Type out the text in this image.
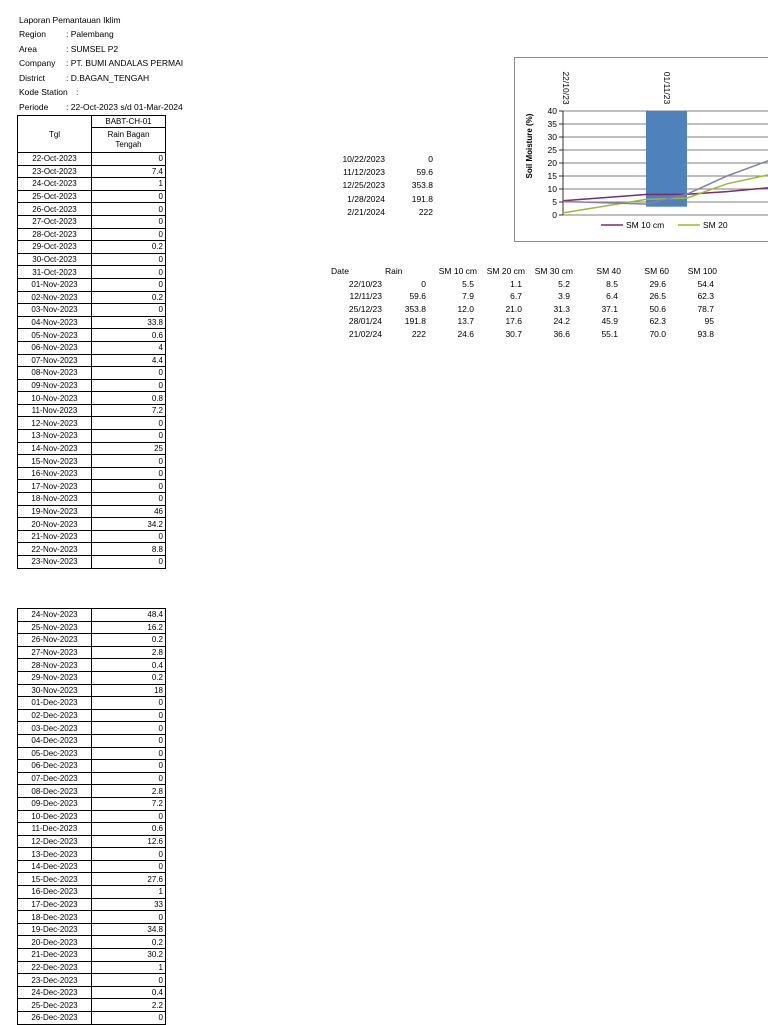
Laporan Pemantauan Iklim
Region : Palembang
Area	: SUMSEL P2
Company : PT. BUMI ANDALAS PERMAI
District : D.BAGAN_TENGAH
Kode Station :
Periode : 22-Oct-2023 s/d 01-Mar-2024
Tgl	BABT-CH-01
	Rain Bagan Tengah
22-Oct-2023	0
23-Oct-2023	7.4
24-Oct-2023	1
25-Oct-2023	0
26-Oct-2023	0
27-Oct-2023	0
28-Oct-2023	0
29-Oct-2023	0.2
30-Oct-2023	0
31-Oct-2023	0
01-Nov-2023	0
02-Nov-2023	0.2
03-Nov-2023	0
04-Nov-2023	33.8
05-Nov-2023	0.6
06-Nov-2023	4
07-Nov-2023	4.4
08-Nov-2023	0
09-Nov-2023	0
10-Nov-2023	0.8
11-Nov-2023	7.2
12-Nov-2023	0
13-Nov-2023	0
14-Nov-2023	25
15-Nov-2023	0
16-Nov-2023	0
17-Nov-2023	0
18-Nov-2023	0
19-Nov-2023	46
20-Nov-2023	34.2
21-Nov-2023	0
22-Nov-2023	8.8
23-Nov-2023	0
24-Nov-2023	48.4
25-Nov-2023	16.2
26-Nov-2023	0.2
27-Nov-2023	2.8
28-Nov-2023	0.4
29-Nov-2023	0.2
30-Nov-2023	18
01-Dec-2023	0
02-Dec-2023	0
03-Dec-2023	0
04-Dec-2023	0
05-Dec-2023	0
06-Dec-2023	0
07-Dec-2023	0
08-Dec-2023	2.8
09-Dec-2023	7.2
10-Dec-2023	0
11-Dec-2023	0.6
12-Dec-2023	12.6
13-Dec-2023	0
14-Dec-2023	0
15-Dec-2023	27.6
16-Dec-2023	1
17-Dec-2023	33
18-Dec-2023	0
19-Dec-2023	34.8
20-Dec-2023	0.2
21-Dec-2023	30.2
22-Dec-2023	1
23-Dec-2023	0
24-Dec-2023	0.4
25-Dec-2023	2.2
26-Dec-2023	0
10/22/2023	0
11/12/2023	59.6
12/25/2023	353.8
1/28/2024	191.8
2/21/2024	222
Date	Rain	SM 10 cm	SM 20 cm	SM 30 cm	SM 40	SM 60	SM 100
22/10/23	0	5.5	1.1	5.2	8.5	29.6	54.4
12/11/23	59.6	7.9	6.7	3.9	6.4	26.5	62.3
25/12/23	353.8	12.0	21.0	31.3	37.1	50.6	78.7
28/01/24	191.8	13.7	17.6	24.2	45.9	62.3	95
21/02/24	222	24.6	30.7	36.6	55.1	70.0	93.8
0
5
10
15
20
25
30
35
40
Soil Moisture (%)
22/10/23	01/11/23
SM 10 cm	SM 20
